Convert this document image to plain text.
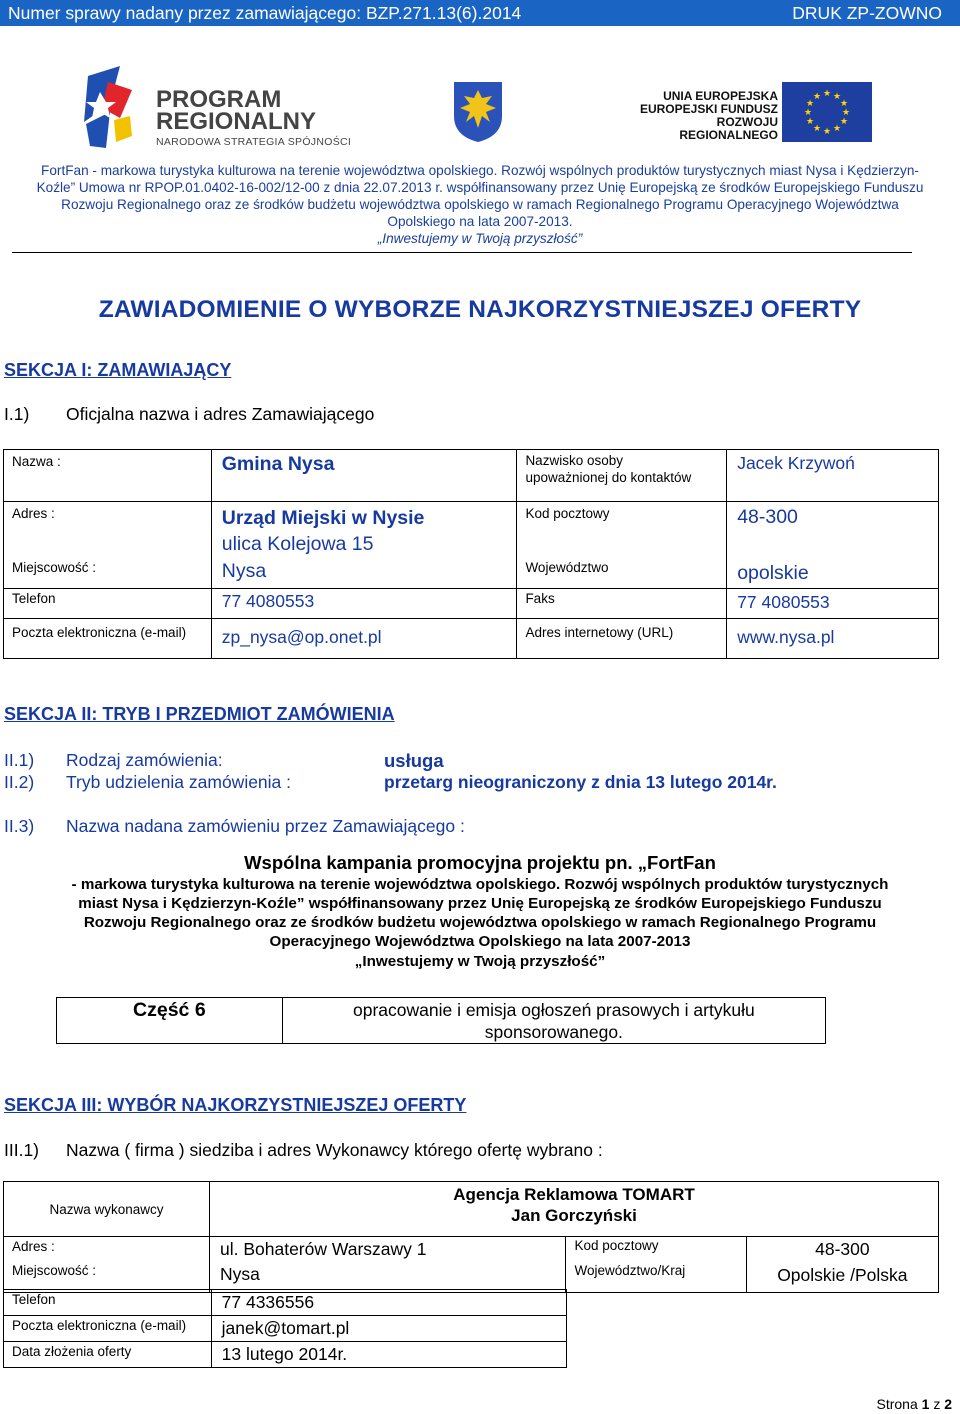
Numer sprawy nadany przez zamawiającego: BZP.271.13(6).2014	DRUK ZP-ZOWNO
PROGRAM
REGIONALNY
NARODOWA STRATEGIA SPÓJNOŚCI
UNIA EUROPEJSKA
EUROPEJSKI FUNDUSZ
ROZWOJU REGIONALNEGO
★ ★
★
★
★
★
★
★
★
★
★
★
FortFan - markowa turystyka kulturowa na terenie województwa opolskiego. Rozwój wspólnych produktów turystycznych miast Nysa i Kędzierzyn-
Koźle” Umowa nr RPOP.01.0402-16-002/12-00 z dnia 22.07.2013 r. współfinansowany przez Unię Europejską ze środków Europejskiego Funduszu
Rozwoju Regionalnego oraz ze środków budżetu województwa opolskiego w ramach Regionalnego Programu Operacyjnego Województwa
Opolskiego na lata 2007-2013.
„Inwestujemy w Twoją przyszłość”
ZAWIADOMIENIE O WYBORZE NAJKORZYSTNIEJSZEJ OFERTY
SEKCJA I: ZAMAWIAJĄCY
I.1) Oficjalna nazwa i adres Zamawiającego
Nazwa :	Gmina Nysa	Nazwisko osoby
upoważnionej do kontaktów	Jacek Krzywoń

Adres :	Urząd Miejski w Nysie
ulica Kolejowa 15	Kod pocztowy	48-300

Miejscowość :	Nysa	Województwo	opolskie

Telefon	77 4080553	Faks	77 4080553

Poczta elektroniczna (e-mail)	zp_nysa@op.onet.pl	Adres internetowy (URL)	www.nysa.pl
SEKCJA II: TRYB I PRZEDMIOT ZAMÓWIENIA
II.1) Rodzaj zamówienia:	usługa
II.2) Tryb udzielenia zamówienia :	przetarg nieograniczony z dnia 13 lutego 2014r.
II.3) Nazwa nadana zamówieniu przez Zamawiającego :
Wspólna kampania promocyjna projektu pn. „FortFan
- markowa turystyka kulturowa na terenie województwa opolskiego. Rozwój wspólnych produktów turystycznych
miast Nysa i Kędzierzyn-Koźle” współfinansowany przez Unię Europejską ze środków Europejskiego Funduszu
Rozwoju Regionalnego oraz ze środków budżetu województwa opolskiego w ramach Regionalnego Programu
Operacyjnego Województwa Opolskiego na lata 2007-2013
„Inwestujemy w Twoją przyszłość”
Część 6	opracowanie i emisja ogłoszeń prasowych i artykułu
sponsorowanego.
SEKCJA III: WYBÓR NAJKORZYSTNIEJSZEJ OFERTY
III.1) Nazwa ( firma ) siedziba i adres Wykonawcy którego ofertę wybrano :
Nazwa wykonawcy	Agencja Reklamowa TOMART
Jan Gorczyński		

Adres :	ul. Bohaterów Warszawy 1	Kod pocztowy	48-300

Miejscowość :	Nysa	Województwo/Kraj	Opolskie /Polska
Telefon	77 4336556

Poczta elektroniczna (e-mail)	janek@tomart.pl

Data złożenia oferty	13 lutego 2014r.
Strona 1 z 2
